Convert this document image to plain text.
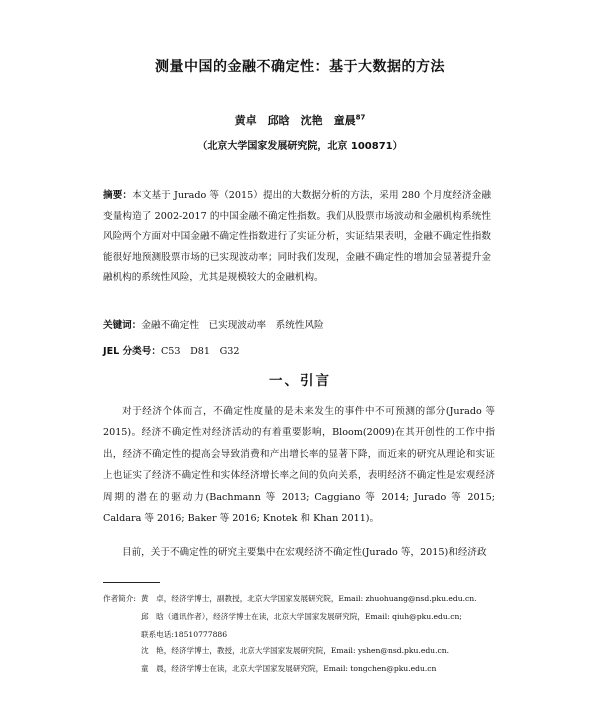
测量中国的金融不确定性：基于大数据的方法
黄卓　邱晗　沈艳　童晨$^{87}$
（北京大学国家发展研究院，北京 100871）
摘要：本文基于 Jurado 等（2015）提出的大数据分析的方法，采用 280 个月度经济金融变量构造了 2002-2017 的中国金融不确定性指数。我们从股票市场波动和金融机构系统性风险两个方面对中国金融不确定性指数进行了实证分析，实证结果表明，金融不确定性指数能很好地预测股票市场的已实现波动率；同时我们发现，金融不确定性的增加会显著提升金融机构的系统性风险，尤其是规模较大的金融机构。
关键词：金融不确定性　已实现波动率　系统性风险
JEL 分类号：C53　D81　G32
一、引言
对于经济个体而言，不确定性度量的是未来发生的事件中不可预测的部分(Jurado 等 2015)。经济不确定性对经济活动的有着重要影响，Bloom(2009)在其开创性的工作中指出，经济不确定性的提高会导致消费和产出增长率的显著下降，而近来的研究从理论和实证上也证实了经济不确定性和实体经济增长率之间的负向关系，表明经济不确定性是宏观经济周期的潜在的驱动力(Bachmann 等 2013; Caggiano 等 2014; Jurado 等 2015; Caldara 等 2016; Baker 等 2016; Knotek 和 Khan 2011)。
目前，关于不确定性的研究主要集中在宏观经济不确定性(Jurado 等，2015)和经济政
作者简介: 黄　卓，经济学博士，副教授，北京大学国家发展研究院，Email: zhuohuang@nsd.pku.edu.cn.
邱　晗（通讯作者），经济学博士在读，北京大学国家发展研究院，Email: qiuh@pku.edu.cn;
联系电话:18510777886
沈　艳，经济学博士，教授，北京大学国家发展研究院，Email: yshen@nsd.pku.edu.cn.
童　晨，经济学博士在读，北京大学国家发展研究院，Email: tongchen@pku.edu.cn
